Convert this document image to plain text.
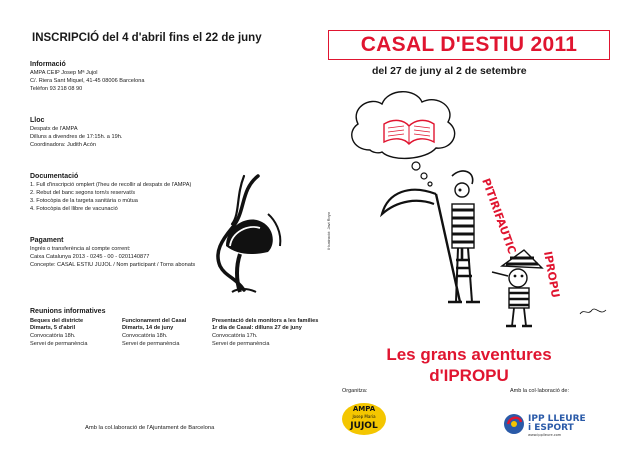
INSCRIPCIÓ del 4 d'abril fins el 22 de juny
Informació
AMPA CEIP Josep Mª Jujol
C/. Riera Sant Miquel, 41-45 08006 Barcelona
Telèfon 93 218 08 90
Lloc
Despatx de l'AMPA
Dilluns a divendres de 17:15h. a 19h.
Coordinadora: Judith Acón
Documentació
1. Full d'inscripció omplert (l'heu de recollir al despatx de l'AMPA)
2. Rebut del banc segons torn/s reservat/s
3. Fotocòpia de la targeta sanitària o mútua
4. Fotocòpia del llibre de vacunació
Pagament
Ingrés o transferència al compte corrent:
Caixa Catalunya 2013 - 0245 - 00 - 0201140877
Concepte: CASAL ESTIU JUJOL / Nom participant / Torns abonats
Reunions informatives
Beques del districte
Dimarts, 5 d'abril
Convocatòria 18h.
Servei de permanència
Funcionament del Casal
Dimarts, 14 de juny
Convocatòria 18h.
Servei de permanència
Presentació dels monitors a les famílies
1r dia de Casal: dilluns 27 de juny
Convocatòria 17h.
Servei de permanència
Amb la col.laboració de l'Ajuntament de Barcelona
CASAL D'ESTIU 2011
del 27 de juny al 2 de setembre
PITIRIFAUTIC
IPROPU
Il·lustració: Javi Royo
Les grans aventures
d'IPROPU
Organitza:	Amb la col·laboració de:
AMPA
Josep Maria
JUJOL
IPP LLEURE
i ESPORT
www.ipplleure.com
